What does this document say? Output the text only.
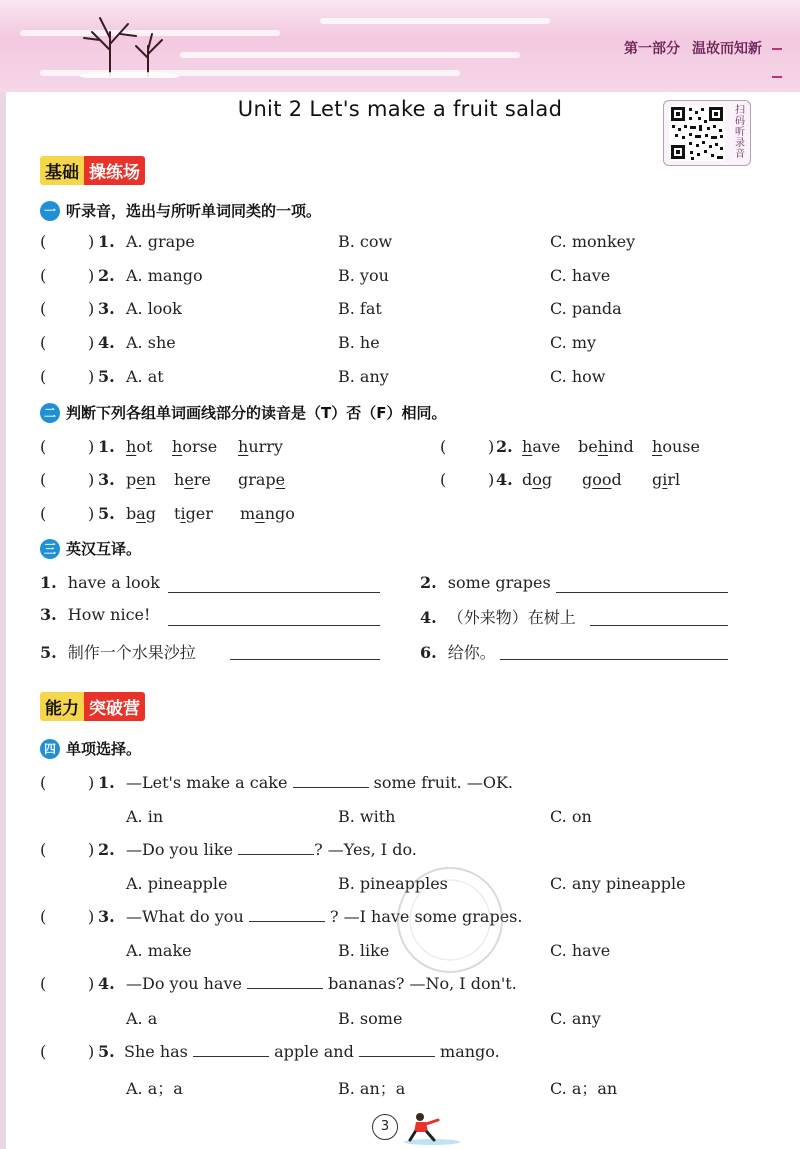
第一部分 温故而知新
Unit 2 Let's make a fruit salad	扫码听录音
基础 操练场
一 听录音，选出与所听单词同类的一项。
(	) 1. A. grape	B. cow	C. monkey
(	) 2. A. mango	B. you	C. have
(	) 3. A. look	B. fat	C. panda
(	) 4. A. she	B. he	C. my
(	) 5. A. at	B. any	C. how
二 判断下列各组单词画线部分的读音是（T）否（F）相同。
(	) 1. hot horse hurry	(	) 2. have behind house
(	) 3. pen here grape	(	) 4. dog good girl
(	) 5. bag tiger mango
三 英汉互译。
1. have a look	2. some grapes
3. How nice!	4. （外来物）在树上
5. 制作一个水果沙拉	6. 给你。
能力 突破营
四 单项选择。
(	) 1. —Let's make a cake	some fruit. —OK.
A. in	B. with	C. on
(	) 2. —Do you like	? —Yes, I do.
A. pineapple	B. pineapples	C. any pineapple
(	) 3. —What do you	? —I have some grapes.
A. make	B. like	C. have
(	) 4. —Do you have	bananas? —No, I don't.
A. a	B. some	C. any
(	) 5. She has	apple and	mango.
A. a；a	B. an；a	C. a；an
3
